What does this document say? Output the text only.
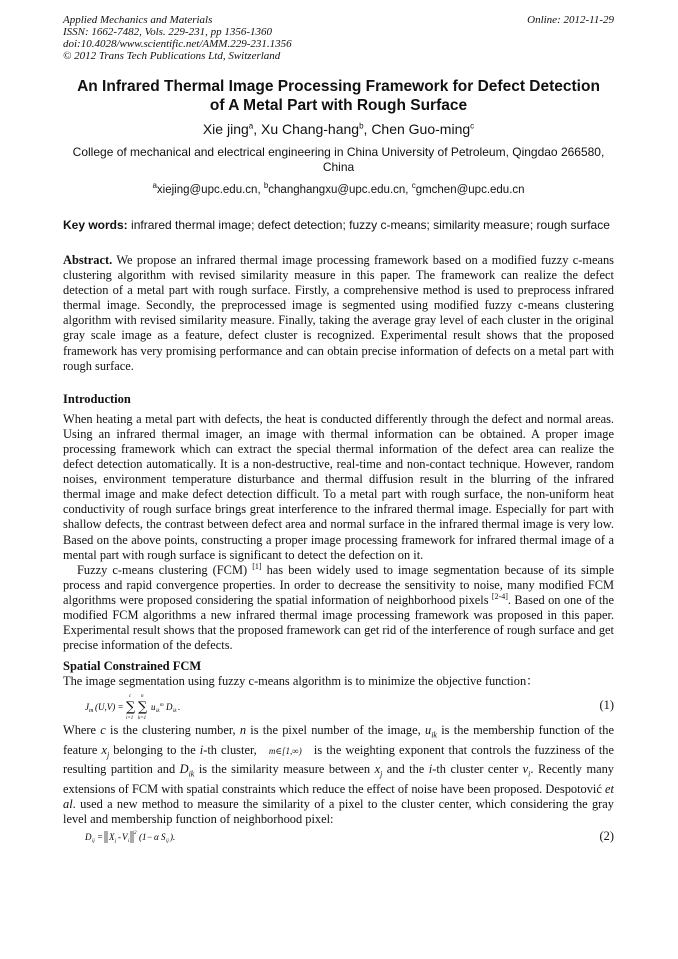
Applied Mechanics and Materials	Online: 2012-11-29
ISSN: 1662-7482, Vols. 229-231, pp 1356-1360
doi:10.4028/www.scientific.net/AMM.229-231.1356
© 2012 Trans Tech Publications Ltd, Switzerland
An Infrared Thermal Image Processing Framework for Defect Detection
of A Metal Part with Rough Surface
Xie jing$^a$, Xu Chang-hang$^b$, Chen Guo-ming$^c$
College of mechanical and electrical engineering in China University of Petroleum, Qingdao 266580, China
$^a$xiejing@upc.edu.cn, $^b$changhangxu@upc.edu.cn, $^c$gmchen@upc.edu.cn
Key words: infrared thermal image; defect detection; fuzzy c-means; similarity measure; rough surface

Abstract. We propose an infrared thermal image processing framework based on a modified fuzzy c-means clustering algorithm with revised similarity measure in this paper. The framework can realize the defect detection of a metal part with rough surface. Firstly, a comprehensive method is used to preprocess infrared thermal image. Secondly, the preprocessed image is segmented using modified fuzzy c-means clustering algorithm with revised similarity measure. Finally, taking the average gray level of each cluster in the original gray scale image as a feature, defect cluster is recognized. Experimental result shows that the proposed framework has very promising performance and can obtain precise information of defects on a metal part with rough surface.

Introduction

When heating a metal part with defects, the heat is conducted differently through the defect and normal areas. Using an infrared thermal imager, an image with thermal information can be obtained. A proper image processing framework which can extract the special thermal information of the defect area can realize the defect detection automatically. It is a non-destructive, real-time and non-contact technique. However, random noises, environment temperature disturbance and thermal diffusion result in the blurring of the infrared thermal image and make defect detection difficult. To a metal part with rough surface, the non-uniform heat conductivity of rough surface brings great interference to the infrared thermal image. Especially for part with shallow defects, the contrast between defect area and normal surface in the infrared thermal image is very low. Based on the above points, constructing a proper image processing framework for infrared thermal image of a mental part with rough surface is significant to detect the defection on it.

Fuzzy c-means clustering (FCM) [1] has been widely used to image segmentation because of its simple process and rapid convergence properties. In order to decrease the sensitivity to noise, many modified FCM algorithms were proposed considering the spatial information of neighborhood pixels [2-4]. Based on one of the modified FCM algorithms a new infrared thermal image processing framework was proposed in this paper. Experimental result shows that the proposed framework can get rid of the interference of rough surface and get precise information of the defects.

Spatial Constrained FCM

The image segmentation using fuzzy c-means algorithm is to minimize the objective function：

J m (U,V) =
c
∑
i=1
n
∑
k=1
u ik
m D ik .	(1)

Where c is the clustering number, n is the pixel number of the image, $u_{ik}$ is the membership function of the feature $x_j$ belonging to the i-th cluster, m∈[1,∞) is the weighting exponent that controls the fuzziness of the resulting partition and $D_{ik}$ is the similarity measure between $x_j$ and the i-th cluster center $v_i$. Recently many extensions of FCM with spatial constraints which reduce the effect of noise have been proposed. Despotović et al. used a new method to measure the similarity of a pixel to the cluster center, which considering the gray level and membership function of neighborhood pixel:

D ij = X j - V i
2 (1− α S ij ).	(2)
